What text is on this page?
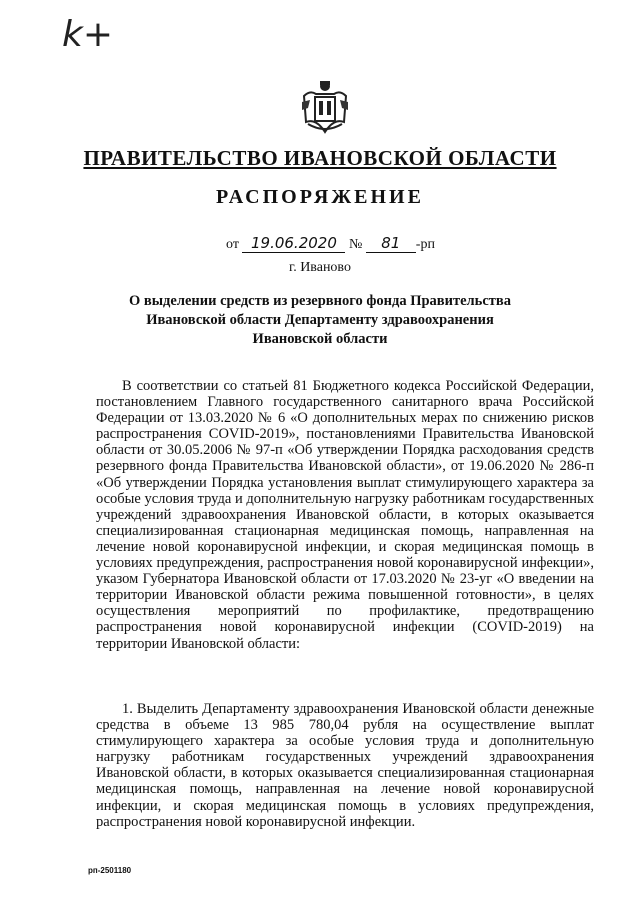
k+
ПРАВИТЕЛЬСТВО ИВАНОВСКОЙ ОБЛАСТИ
РАСПОРЯЖЕНИЕ
от 19.06.2020 № 81 -рп
г. Иваново
О выделении средств из резервного фонда Правительства Ивановской области Департаменту здравоохранения Ивановской области
В соответствии со статьей 81 Бюджетного кодекса Российской Федерации, постановлением Главного государственного санитарного врача Российской Федерации от 13.03.2020 № 6 «О дополнительных мерах по снижению рисков распространения COVID-2019», постановлениями Правительства Ивановской области от 30.05.2006 № 97-п «Об утверждении Порядка расходования средств резервного фонда Правительства Ивановской области», от 19.06.2020 № 286-п «Об утверждении Порядка установления выплат стимулирующего характера за особые условия труда и дополнительную нагрузку работникам государственных учреждений здравоохранения Ивановской области, в которых оказывается специализированная стационарная медицинская помощь, направленная на лечение новой коронавирусной инфекции, и скорая медицинская помощь в условиях предупреждения, распространения новой коронавирусной инфекции», указом Губернатора Ивановской области от 17.03.2020 № 23-уг «О введении на территории Ивановской области режима повышенной готовности», в целях осуществления мероприятий по профилактике, предотвращению распространения новой коронавирусной инфекции (COVID-2019) на территории Ивановской области:
1. Выделить Департаменту здравоохранения Ивановской области денежные средства в объеме 13 985 780,04 рубля на осуществление выплат стимулирующего характера за особые условия труда и дополнительную нагрузку работникам государственных учреждений здравоохранения Ивановской области, в которых оказывается специализированная стационарная медицинская помощь, направленная на лечение новой коронавирусной инфекции, и скорая медицинская помощь в условиях предупреждения, распространения новой коронавирусной инфекции.
рп-2501180
